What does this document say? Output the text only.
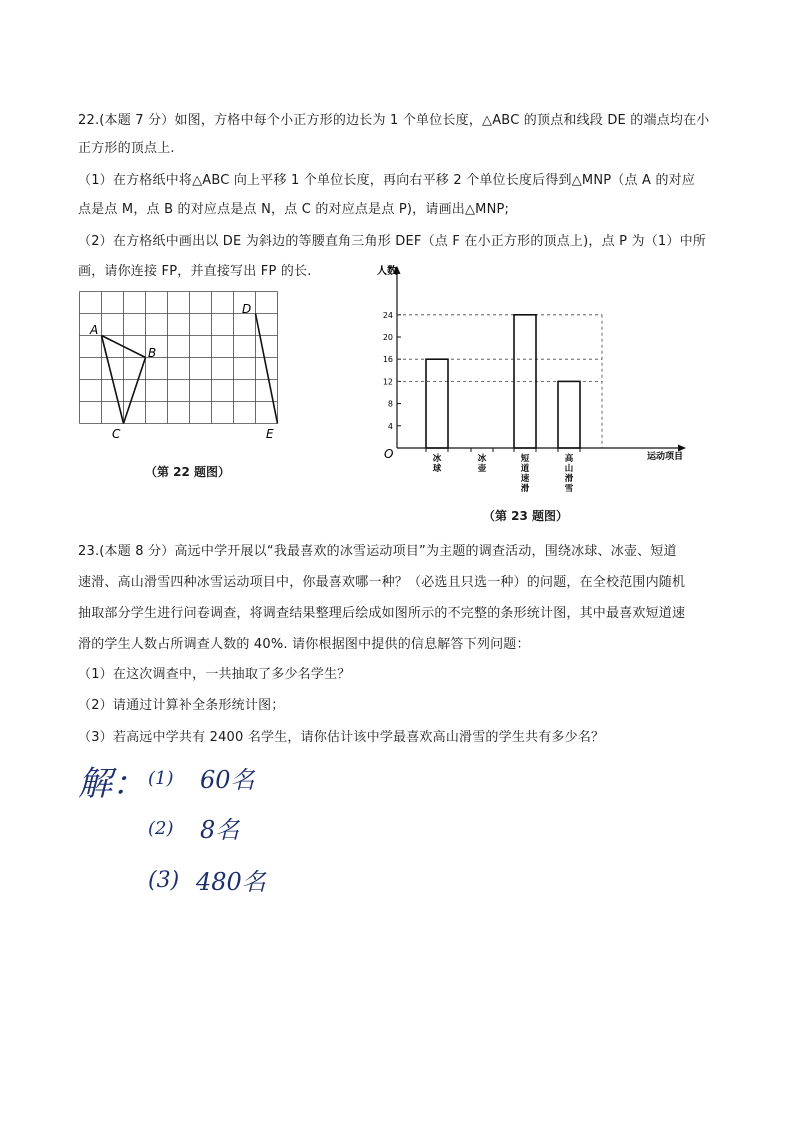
22.(本题 7 分）如图，方格中每个小正方形的边长为 1 个单位长度，△ABC 的顶点和线段 DE 的端点均在小
正方形的顶点上.
（1）在方格纸中将△ABC 向上平移 1 个单位长度，再向右平移 2 个单位长度后得到△MNP（点 A 的对应
点是点 M，点 B 的对应点是点 N，点 C 的对应点是点 P)，请画出△MNP;
（2）在方格纸中画出以 DE 为斜边的等腰直角三角形 DEF（点 F 在小正方形的顶点上)，点 P 为（1）中所
画，请你连接 FP，并直接写出 FP 的长.
A
B
C
D
E
（第 22 题图）
人数
运动项目
O
4
8
12
16
20
24
冰
球
冰
壶
短
道
速
滑
高
山
滑
雪
（第 23 题图）
23.(本题 8 分）高远中学开展以“我最喜欢的冰雪运动项目”为主题的调查活动，围绕冰球、冰壶、短道
速滑、高山滑雪四种冰雪运动项目中，你最喜欢哪一种？（必选且只选一种）的问题，在全校范围内随机
抽取部分学生进行问卷调查，将调查结果整理后绘成如图所示的不完整的条形统计图，其中最喜欢短道速
滑的学生人数占所调查人数的 40%. 请你根据图中提供的信息解答下列问题：
（1）在这次调查中，一共抽取了多少名学生？
（2）请通过计算补全条形统计图；
（3）若高远中学共有 2400 名学生，请你估计该中学最喜欢高山滑雪的学生共有多少名？
解： (1) 60名
(2) 8名
(3) 480名
